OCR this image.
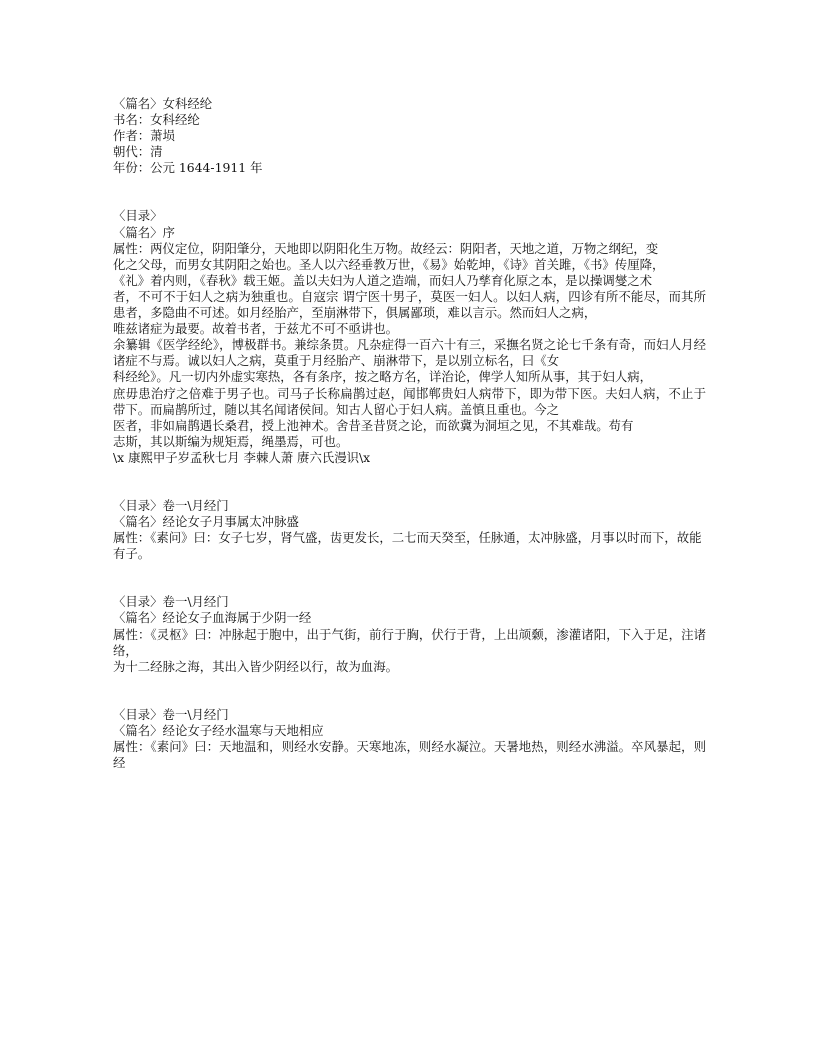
〈篇名〉女科经纶
书名：女科经纶
作者：萧埙
朝代：清
年份：公元 1644-1911 年
〈目录〉
〈篇名〉序
属性：两仪定位，阴阳肇分，天地即以阴阳化生万物。故经云：阴阳者，天地之道，万物之纲纪，变
化之父母，而男女其阴阳之始也。圣人以六经垂教万世，《易》始乾坤，《诗》首关雎，《书》传厘降，
《礼》着内则，《春秋》载王姬。盖以夫妇为人道之造端，而妇人乃孳育化原之本，是以操调燮之术
者，不可不于妇人之病为独重也。自寇宗 谓宁医十男子，莫医一妇人。以妇人病，四诊有所不能尽，而其所患者，多隐曲不可述。如月经胎产，至崩淋带下，俱属鄙琐，难以言示。然而妇人之病，
唯兹诸症为最要。故着书者，于兹尤不可不亟讲也。
余纂辑《医学经纶》，博极群书。兼综条贯。凡杂症得一百六十有三，采撫名贤之论七千条有奇，而妇人月经诸症不与焉。诚以妇人之病，莫重于月经胎产、崩淋带下，是以别立标名，曰《女
科经纶》。凡一切内外虚实寒热，各有条序，按之略方名，详治论，俾学人知所从事，其于妇人病，
庶毋患治疗之倍难于男子也。司马子长称扁鹊过赵，闻邯郸贵妇人病带下，即为带下医。夫妇人病，不止于带下。而扁鹊所过，随以其名闻诸侯间。知古人留心于妇人病。盖慎且重也。今之
医者，非如扁鹊遇长桑君，授上池神术。舍昔圣昔贤之论，而欲冀为洞垣之见，不其难哉。苟有
志斯，其以斯编为规矩焉，绳墨焉，可也。
\x 康熙甲子岁孟秋七月 李棘人萧 赓六氏漫识\x
〈目录〉卷一\月经门
〈篇名〉经论女子月事属太冲脉盛
属性：《素问》曰：女子七岁，肾气盛，齿更发长，二七而天癸至，任脉通，太冲脉盛，月事以时而下，故能
有子。
〈目录〉卷一\月经门
〈篇名〉经论女子血海属于少阴一经
属性：《灵枢》曰：冲脉起于胞中，出于气街，前行于胸，伏行于背，上出颃颡，渗灌诸阳，下入于足，注诸络，
为十二经脉之海，其出入皆少阴经以行，故为血海。
〈目录〉卷一\月经门
〈篇名〉经论女子经水温寒与天地相应
属性：《素问》曰：天地温和，则经水安静。天寒地冻，则经水凝泣。天暑地热，则经水沸溢。卒风暴起，则经
